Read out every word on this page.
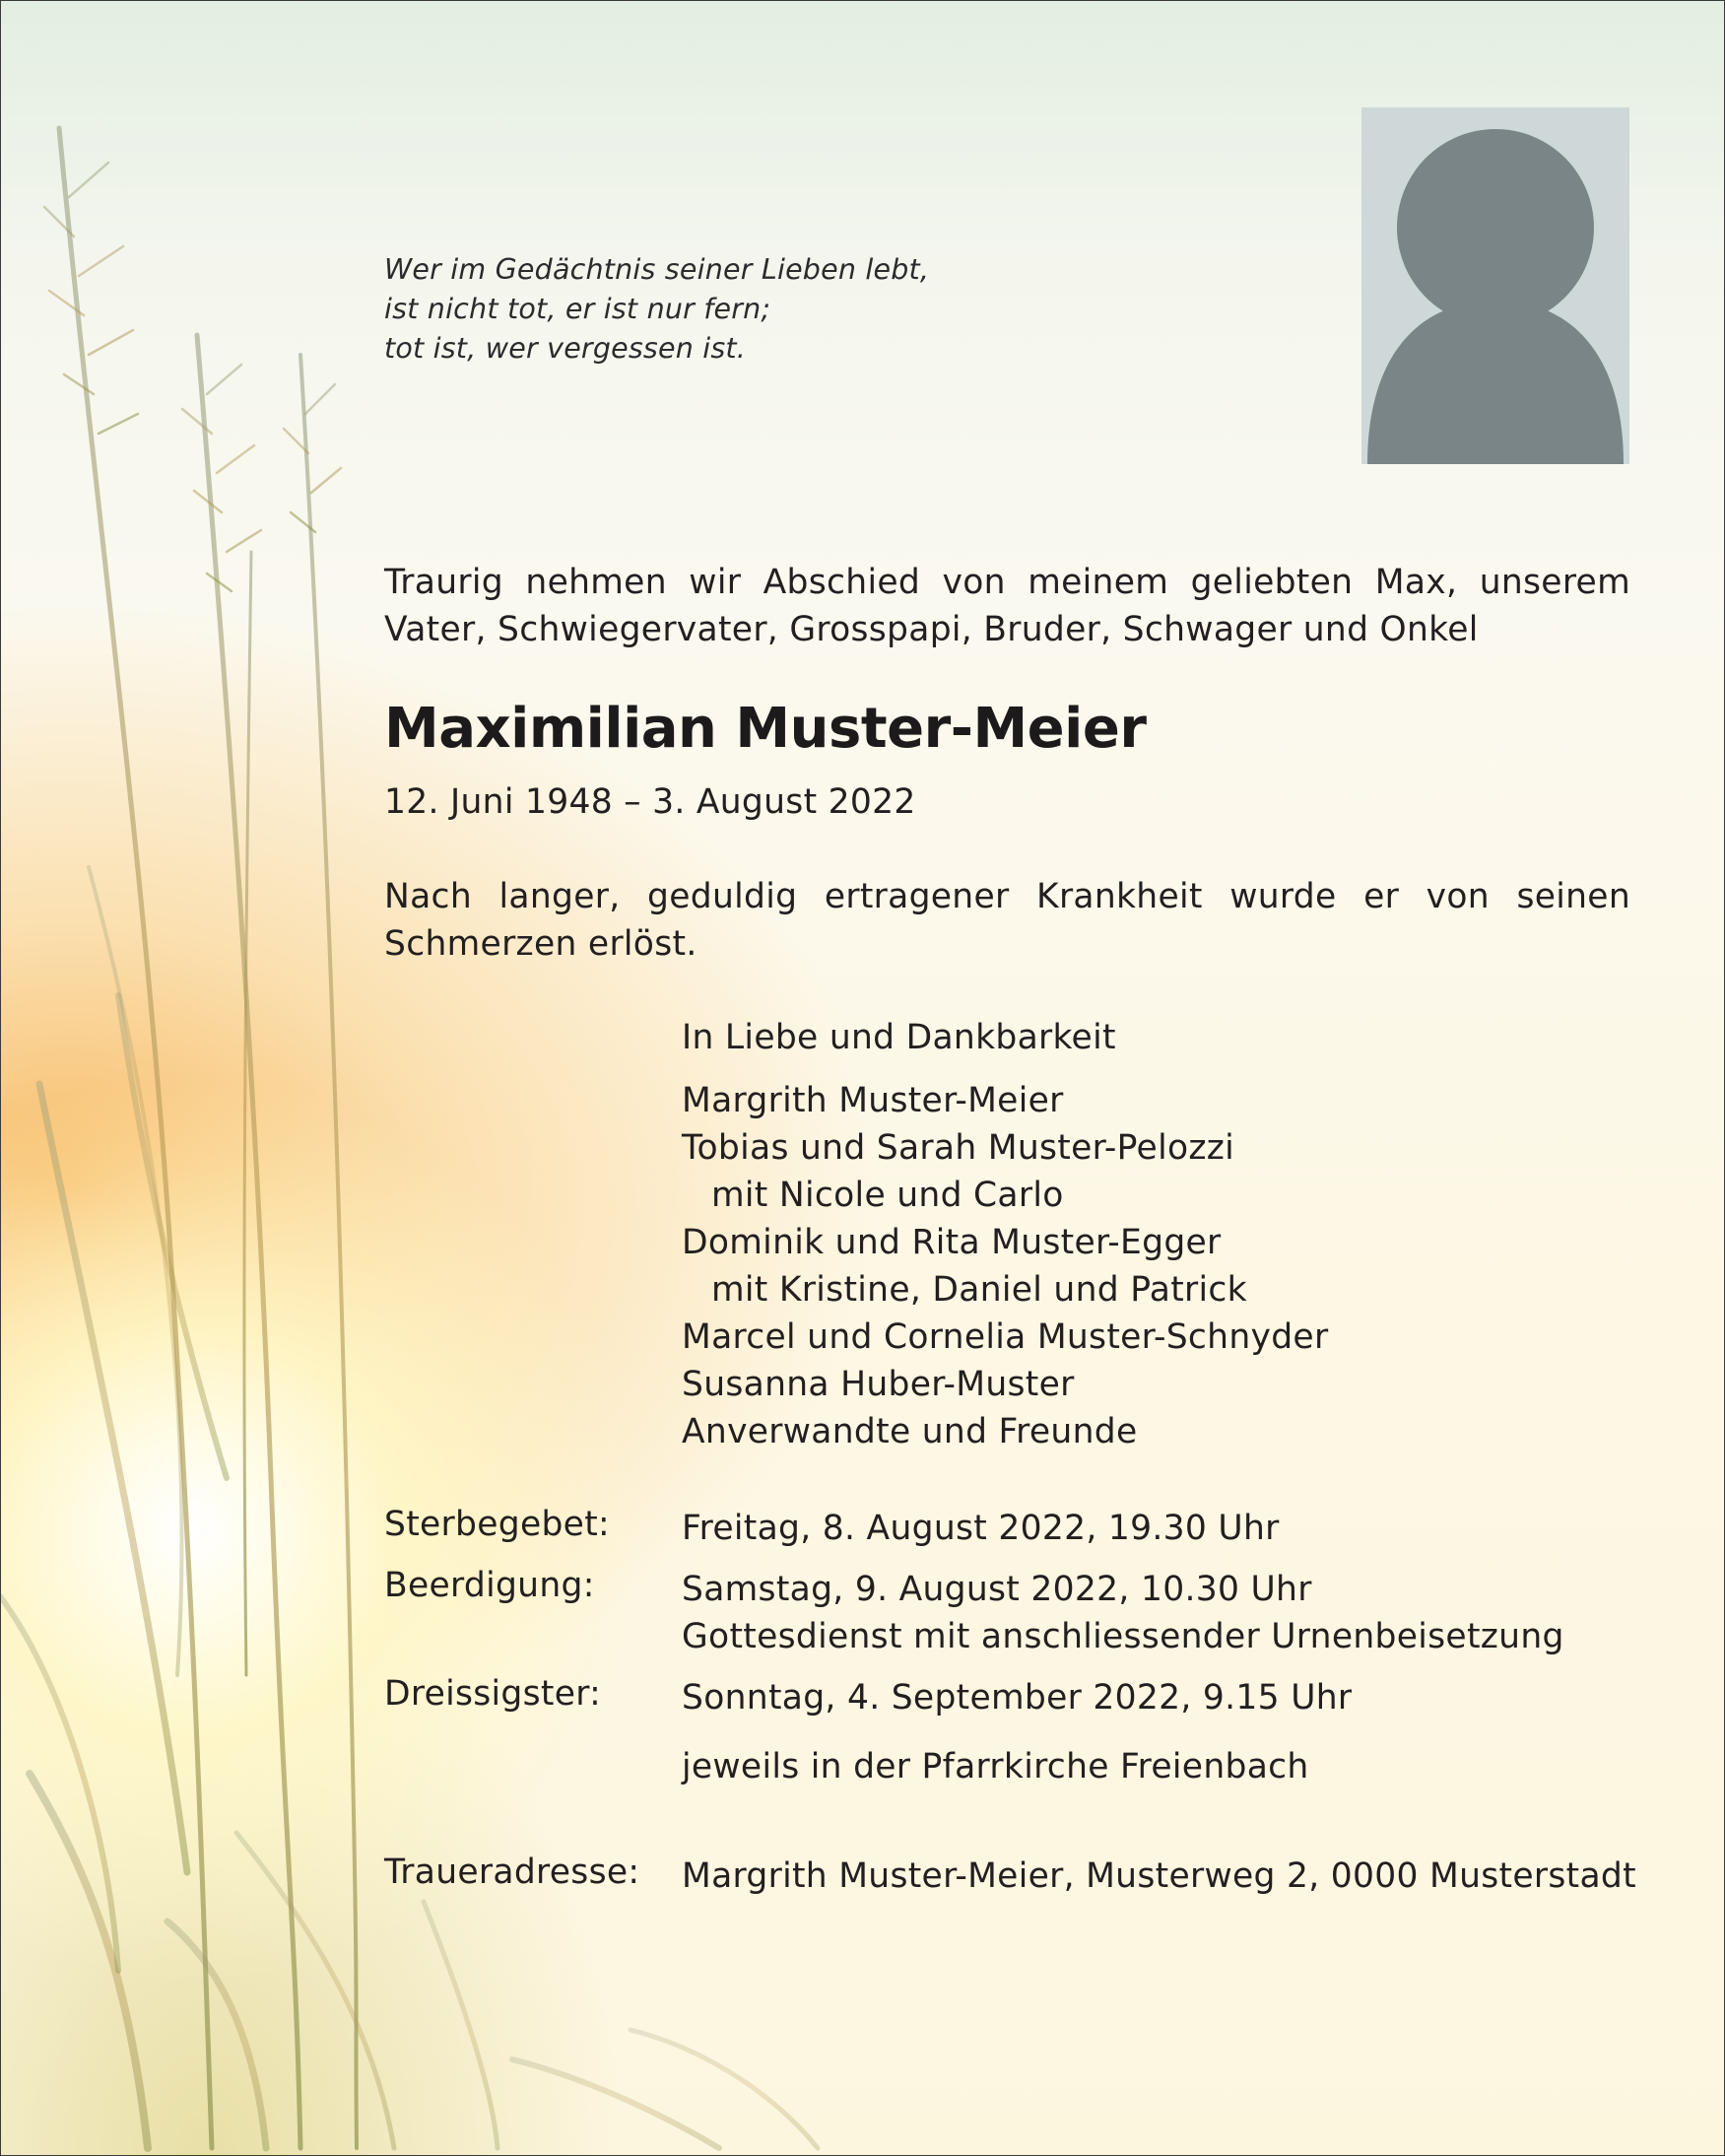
Wer im Gedächtnis seiner Lieben lebt,
ist nicht tot, er ist nur fern;
tot ist, wer vergessen ist.
Traurig nehmen wir Abschied von meinem geliebten Max, unserem Vater, Schwiegervater, Grosspapi, Bruder, Schwager und Onkel
Maximilian Muster-Meier
12. Juni 1948 – 3. August 2022
Nach langer, geduldig ertragener Krankheit wurde er von seinen Schmerzen erlöst.
In Liebe und Dankbarkeit
Margrith Muster-Meier
Tobias und Sarah Muster-Pelozzi
mit Nicole und Carlo
Dominik und Rita Muster-Egger
mit Kristine, Daniel und Patrick
Marcel und Cornelia Muster-Schnyder
Susanna Huber-Muster
Anverwandte und Freunde
Sterbegebet: Freitag, 8. August 2022, 19.30 Uhr
Beerdigung:	Samstag, 9. August 2022, 10.30 Uhr
Gottesdienst mit anschliessender Urnenbeisetzung
Dreissigster: Sonntag, 4. September 2022, 9.15 Uhr
jeweils in der Pfarrkirche Freienbach
Traueradresse: Margrith Muster-Meier, Musterweg 2, 0000 Musterstadt
